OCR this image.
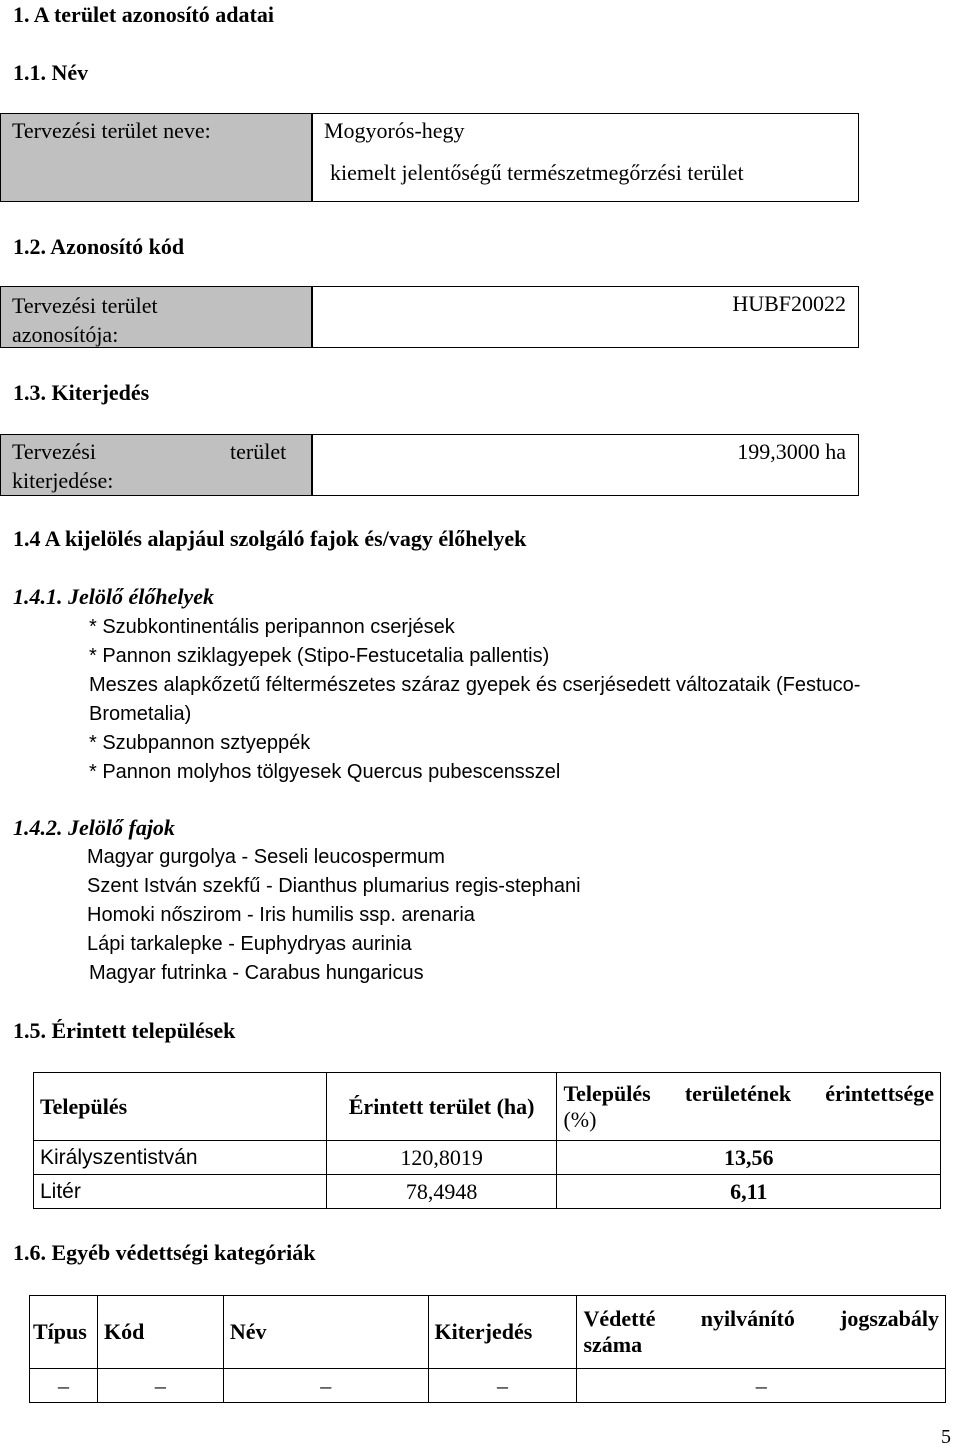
1. A terület azonosító adatai
1.1. Név
Tervezési terület neve:	Mogyorós-hegy
kiemelt jelentőségű természetmegőrzési terület
1.2. Azonosító kód
Tervezési terület
azonosítója:
HUBF20022
1.3. Kiterjedés
Tervezési	terület
kiterjedése:
199,3000 ha
1.4 A kijelölés alapjául szolgáló fajok és/vagy élőhelyek
1.4.1. Jelölő élőhelyek
* Szubkontinentális peripannon cserjések
* Pannon sziklagyepek (Stipo-Festucetalia pallentis)
Meszes alapkőzetű féltermészetes száraz gyepek és cserjésedett változataik (Festuco-
Brometalia)
* Szubpannon sztyeppék
* Pannon molyhos tölgyesek Quercus pubescensszel
1.4.2. Jelölő fajok
Magyar gurgolya - Seseli leucospermum
Szent István szekfű - Dianthus plumarius regis-stephani
Homoki nőszirom - Iris humilis ssp. arenaria
Lápi tarkalepke - Euphydryas aurinia
Magyar futrinka - Carabus hungaricus
1.5. Érintett települések
Település	Érintett terület (ha)	Település területének érintettsége
(%)

Királyszentistván	120,8019	13,56
Litér	78,4948	6,11
1.6. Egyéb védettségi kategóriák
Típus	Kód	Név	Kiterjedés	Védetté nyilvánító jogszabály
száma

–	–	–	–	–
5
